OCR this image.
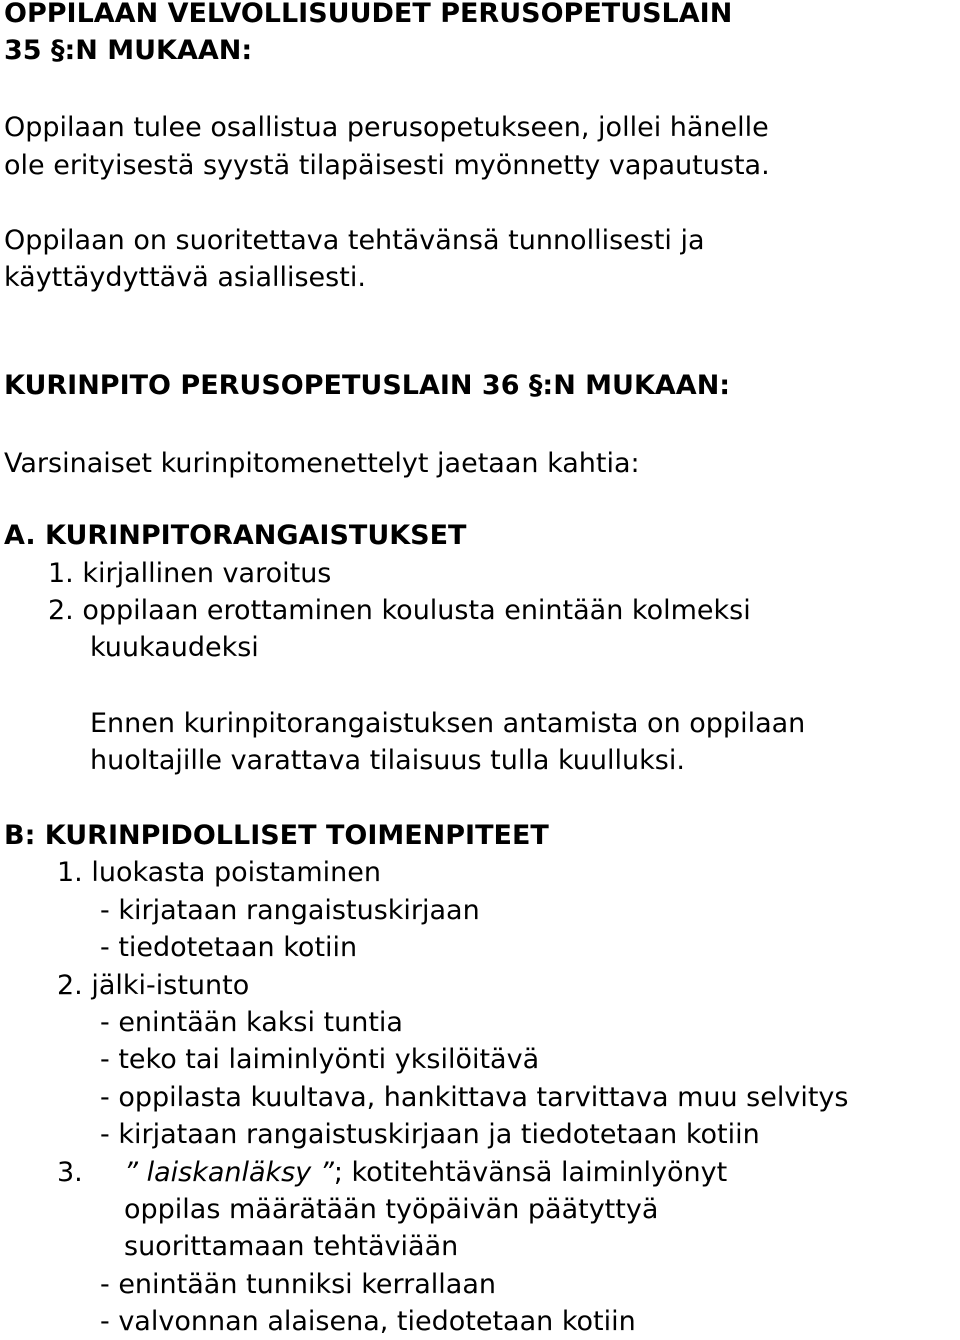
OPPILAAN VELVOLLISUUDET PERUSOPETUSLAIN
35 §:N MUKAAN:
Oppilaan tulee osallistua perusopetukseen, jollei hänelle
ole erityisestä syystä tilapäisesti myönnetty vapautusta.
Oppilaan on suoritettava tehtävänsä tunnollisesti ja
käyttäydyttävä asiallisesti.
KURINPITO PERUSOPETUSLAIN 36 §:N MUKAAN:
Varsinaiset kurinpitomenettelyt jaetaan kahtia:
A. KURINPITORANGAISTUKSET
1. kirjallinen varoitus
2. oppilaan erottaminen koulusta enintään kolmeksi
kuukaudeksi
Ennen kurinpitorangaistuksen antamista on oppilaan
huoltajille varattava tilaisuus tulla kuulluksi.
B: KURINPIDOLLISET TOIMENPITEET
1. luokasta poistaminen
- kirjataan rangaistuskirjaan
- tiedotetaan kotiin
2. jälki-istunto
- enintään kaksi tuntia
- teko tai laiminlyönti yksilöitävä
- oppilasta kuultava, hankittava tarvittava muu selvitys
- kirjataan rangaistuskirjaan ja tiedotetaan kotiin
3. ” laiskanläksy ”; kotitehtävänsä laiminlyönyt
oppilas määrätään työpäivän päätyttyä
suorittamaan tehtäviään
- enintään tunniksi kerrallaan
- valvonnan alaisena, tiedotetaan kotiin
